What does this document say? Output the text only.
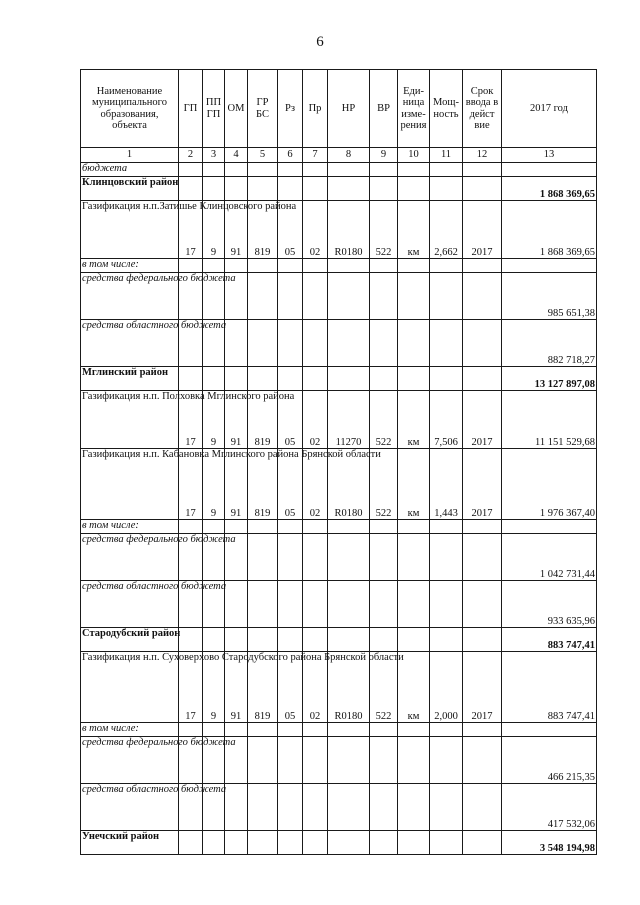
6
Наименование муниципального образования, объекта	ГП	ПП ГП	ОМ	ГР БС	Рз	Пр	НР	ВР	Еди-ница изме-рения	Мощ-ность	Срок ввода в дейст вие	2017 год
1	2	3	4	5	6	7	8	9	10	11	12	13
бюджета												
Клинцовский район												1 868 369,65
Газификация н.п.Затишье Клинцовского района	17	9	91	819	05	02	R0180	522	км	2,662	2017	1 868 369,65
в том числе:												
средства федерального бюджета												985 651,38
средства областного бюджета												882 718,27
Мглинский район												13 127 897,08
Газификация н.п. Полховка Мглинского района	17	9	91	819	05	02	11270	522	км	7,506	2017	11 151 529,68
Газификация н.п. Кабановка Мглинского района Брянской области	17	9	91	819	05	02	R0180	522	км	1,443	2017	1 976 367,40
в том числе:												
средства федерального бюджета												1 042 731,44
средства областного бюджета												933 635,96
Стародубский район												883 747,41
Газификация н.п. Суховерхово Стародубского района Брянской области	17	9	91	819	05	02	R0180	522	км	2,000	2017	883 747,41
в том числе:												
средства федерального бюджета												466 215,35
средства областного бюджета												417 532,06
Унечский район												3 548 194,98
